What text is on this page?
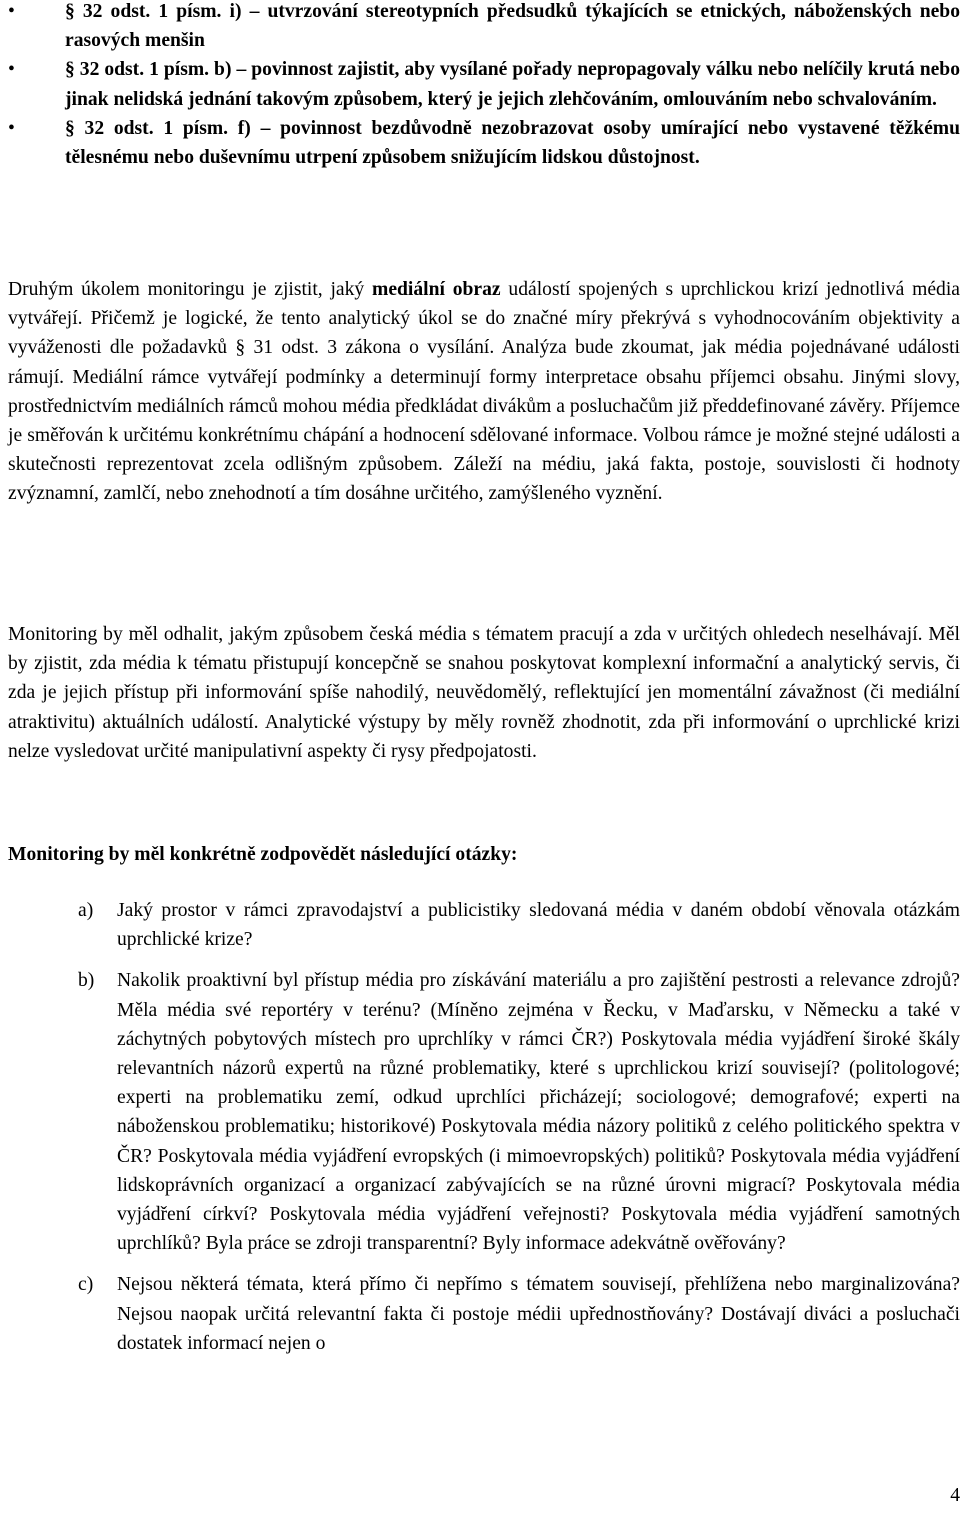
•	§ 32 odst. 1 písm. i) – utvrzování stereotypních předsudků týkajících se etnických, náboženských nebo rasových menšin
•	§ 32 odst. 1 písm. b) – povinnost zajistit, aby vysílané pořady nepropagovaly válku nebo nelíčily krutá nebo jinak nelidská jednání takovým způsobem, který je jejich zlehčováním, omlouváním nebo schvalováním.
•	§ 32 odst. 1 písm. f) – povinnost bezdůvodně nezobrazovat osoby umírající nebo vystavené těžkému tělesnému nebo duševnímu utrpení způsobem snižujícím lidskou důstojnost.

Druhým úkolem monitoringu je zjistit, jaký mediální obraz událostí spojených s uprchlickou krizí jednotlivá média vytvářejí. Přičemž je logické, že tento analytický úkol se do značné míry překrývá s vyhodnocováním objektivity a vyváženosti dle požadavků § 31 odst. 3 zákona o vysílání. Analýza bude zkoumat, jak média pojednávané události rámují. Mediální rámce vytvářejí podmínky a determinují formy interpretace obsahu příjemci obsahu. Jinými slovy, prostřednictvím mediálních rámců mohou média předkládat divákům a posluchačům již předdefinované závěry. Příjemce je směřován k určitému konkrétnímu chápání a hodnocení sdělované informace. Volbou rámce je možné stejné události a skutečnosti reprezentovat zcela odlišným způsobem. Záleží na médiu, jaká fakta, postoje, souvislosti či hodnoty zvýznamní, zamlčí, nebo znehodnotí a tím dosáhne určitého, zamýšleného vyznění.

Monitoring by měl odhalit, jakým způsobem česká média s tématem pracují a zda v určitých ohledech neselhávají. Měl by zjistit, zda média k tématu přistupují koncepčně se snahou poskytovat komplexní informační a analytický servis, či zda je jejich přístup při informování spíše nahodilý, neuvědomělý, reflektující jen momentální závažnost (či mediální atraktivitu) aktuálních událostí. Analytické výstupy by měly rovněž zhodnotit, zda při informování o uprchlické krizi nelze vysledovat určité manipulativní aspekty či rysy předpojatosti.

Monitoring by měl konkrétně zodpovědět následující otázky:
a) Jaký prostor v rámci zpravodajství a publicistiky sledovaná média v daném období věnovala otázkám uprchlické krize?
b) Nakolik proaktivní byl přístup média pro získávání materiálu a pro zajištění pestrosti a relevance zdrojů? Měla média své reportéry v terénu? (Míněno zejména v Řecku, v Maďarsku, v Německu a také v záchytných pobytových místech pro uprchlíky v rámci ČR?) Poskytovala média vyjádření široké škály relevantních názorů expertů na různé problematiky, které s uprchlickou krizí souvisejí? (politologové; experti na problematiku zemí, odkud uprchlíci přicházejí; sociologové; demografové; experti na náboženskou problematiku; historikové) Poskytovala média názory politiků z celého politického spektra v ČR? Poskytovala média vyjádření evropských (i mimoevropských) politiků? Poskytovala média vyjádření lidskoprávních organizací a organizací zabývajících se na různé úrovni migrací? Poskytovala média vyjádření církví? Poskytovala média vyjádření veřejnosti? Poskytovala média vyjádření samotných uprchlíků? Byla práce se zdroji transparentní? Byly informace adekvátně ověřovány?
c) Nejsou některá témata, která přímo či nepřímo s tématem souvisejí, přehlížena nebo marginalizována? Nejsou naopak určitá relevantní fakta či postoje médii upřednostňovány? Dostávají diváci a posluchači dostatek informací nejen o
4
